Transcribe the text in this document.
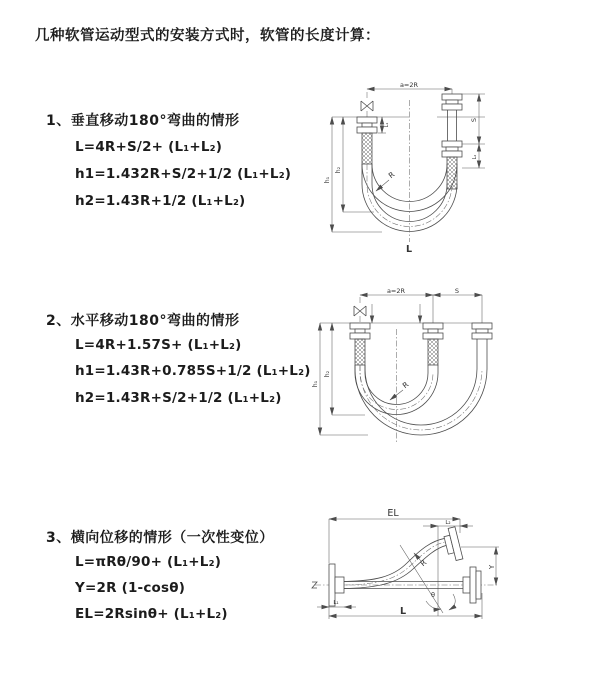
几种软管运动型式的安装方式时，软管的长度计算：
1、垂直移动180°弯曲的情形
L=4R+S/2+ (L₁+L₂)
h1=1.432R+S/2+1/2 (L₁+L₂)
h2=1.43R+1/2 (L₁+L₂)
2、水平移动180°弯曲的情形
L=4R+1.57S+ (L₁+L₂)
h1=1.43R+0.785S+1/2 (L₁+L₂)
h2=1.43R+S/2+1/2 (L₁+L₂)
3、横向位移的情形（一次性变位）
L=πRθ/90+ (L₁+L₂)
Y=2R (1-cosθ)
EL=2Rsinθ+ (L₁+L₂)
a=2R
h₁
h₂
L₁
S
L₂
R
L
a=2R	S
h₁
h₂
R
EL
L₂
Y
R
θ
L₁
L
